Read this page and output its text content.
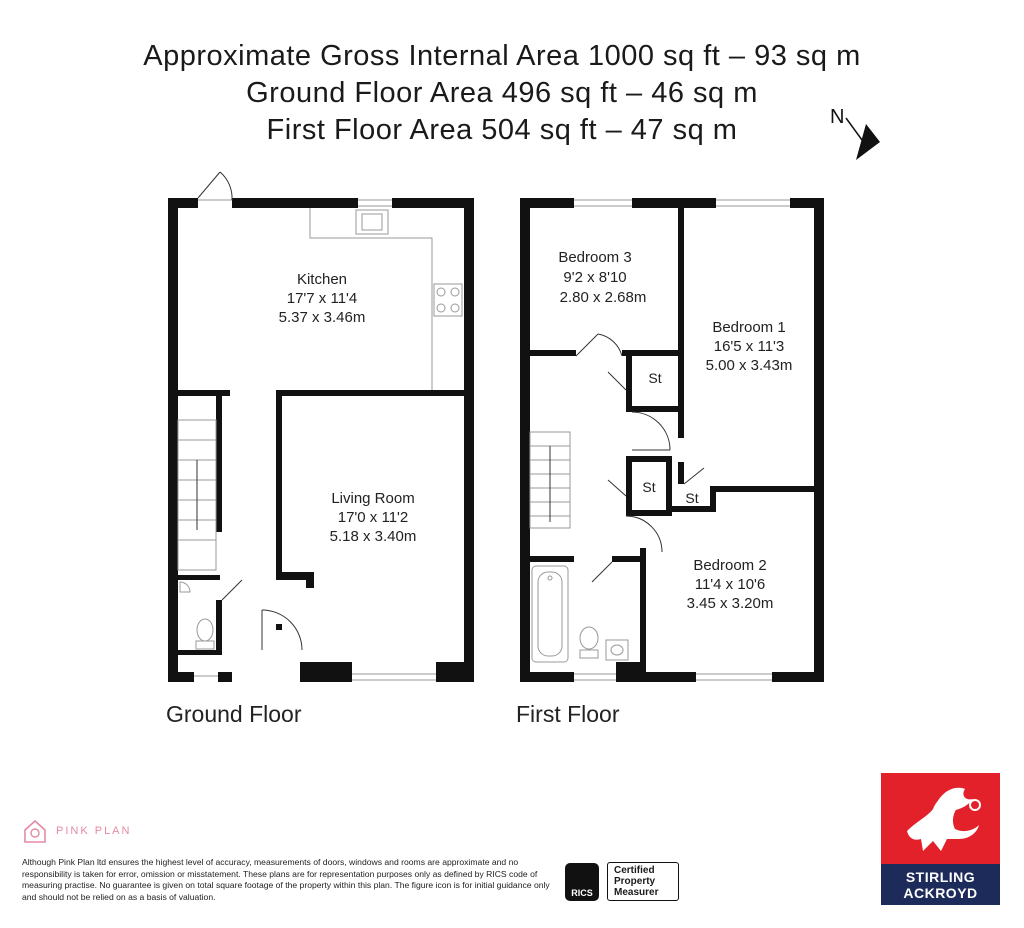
Approximate Gross Internal Area 1000 sq ft – 93 sq m
Ground Floor Area 496 sq ft – 46 sq m
First Floor Area 504 sq ft – 47 sq m	N
Kitchen
17'7 x 11'4
5.37 x 3.46m
Living Room
17'0 x 11'2
5.18 x 3.40m
Ground Floor
Bedroom 3
9'2 x 8'10
2.80 x 2.68m
Bedroom 1
16'5 x 11'3
5.00 x 3.43m
Bedroom 2
11'4 x 10'6
3.45 x 3.20m
St
St
St
First Floor
PINK PLAN
Although Pink Plan ltd ensures the highest level of accuracy, measurements of doors, windows and rooms are approximate and no responsibility is taken for error, omission or misstatement. These plans are for representation purposes only as defined by RICS code of measuring practise. No guarantee is given on total square footage of the property within this plan. The figure icon is for initial guidance only and should not be relied on as a basis of valuation.	RICS
Certified
Property
Measurer
STIRLING
ACKROYD
